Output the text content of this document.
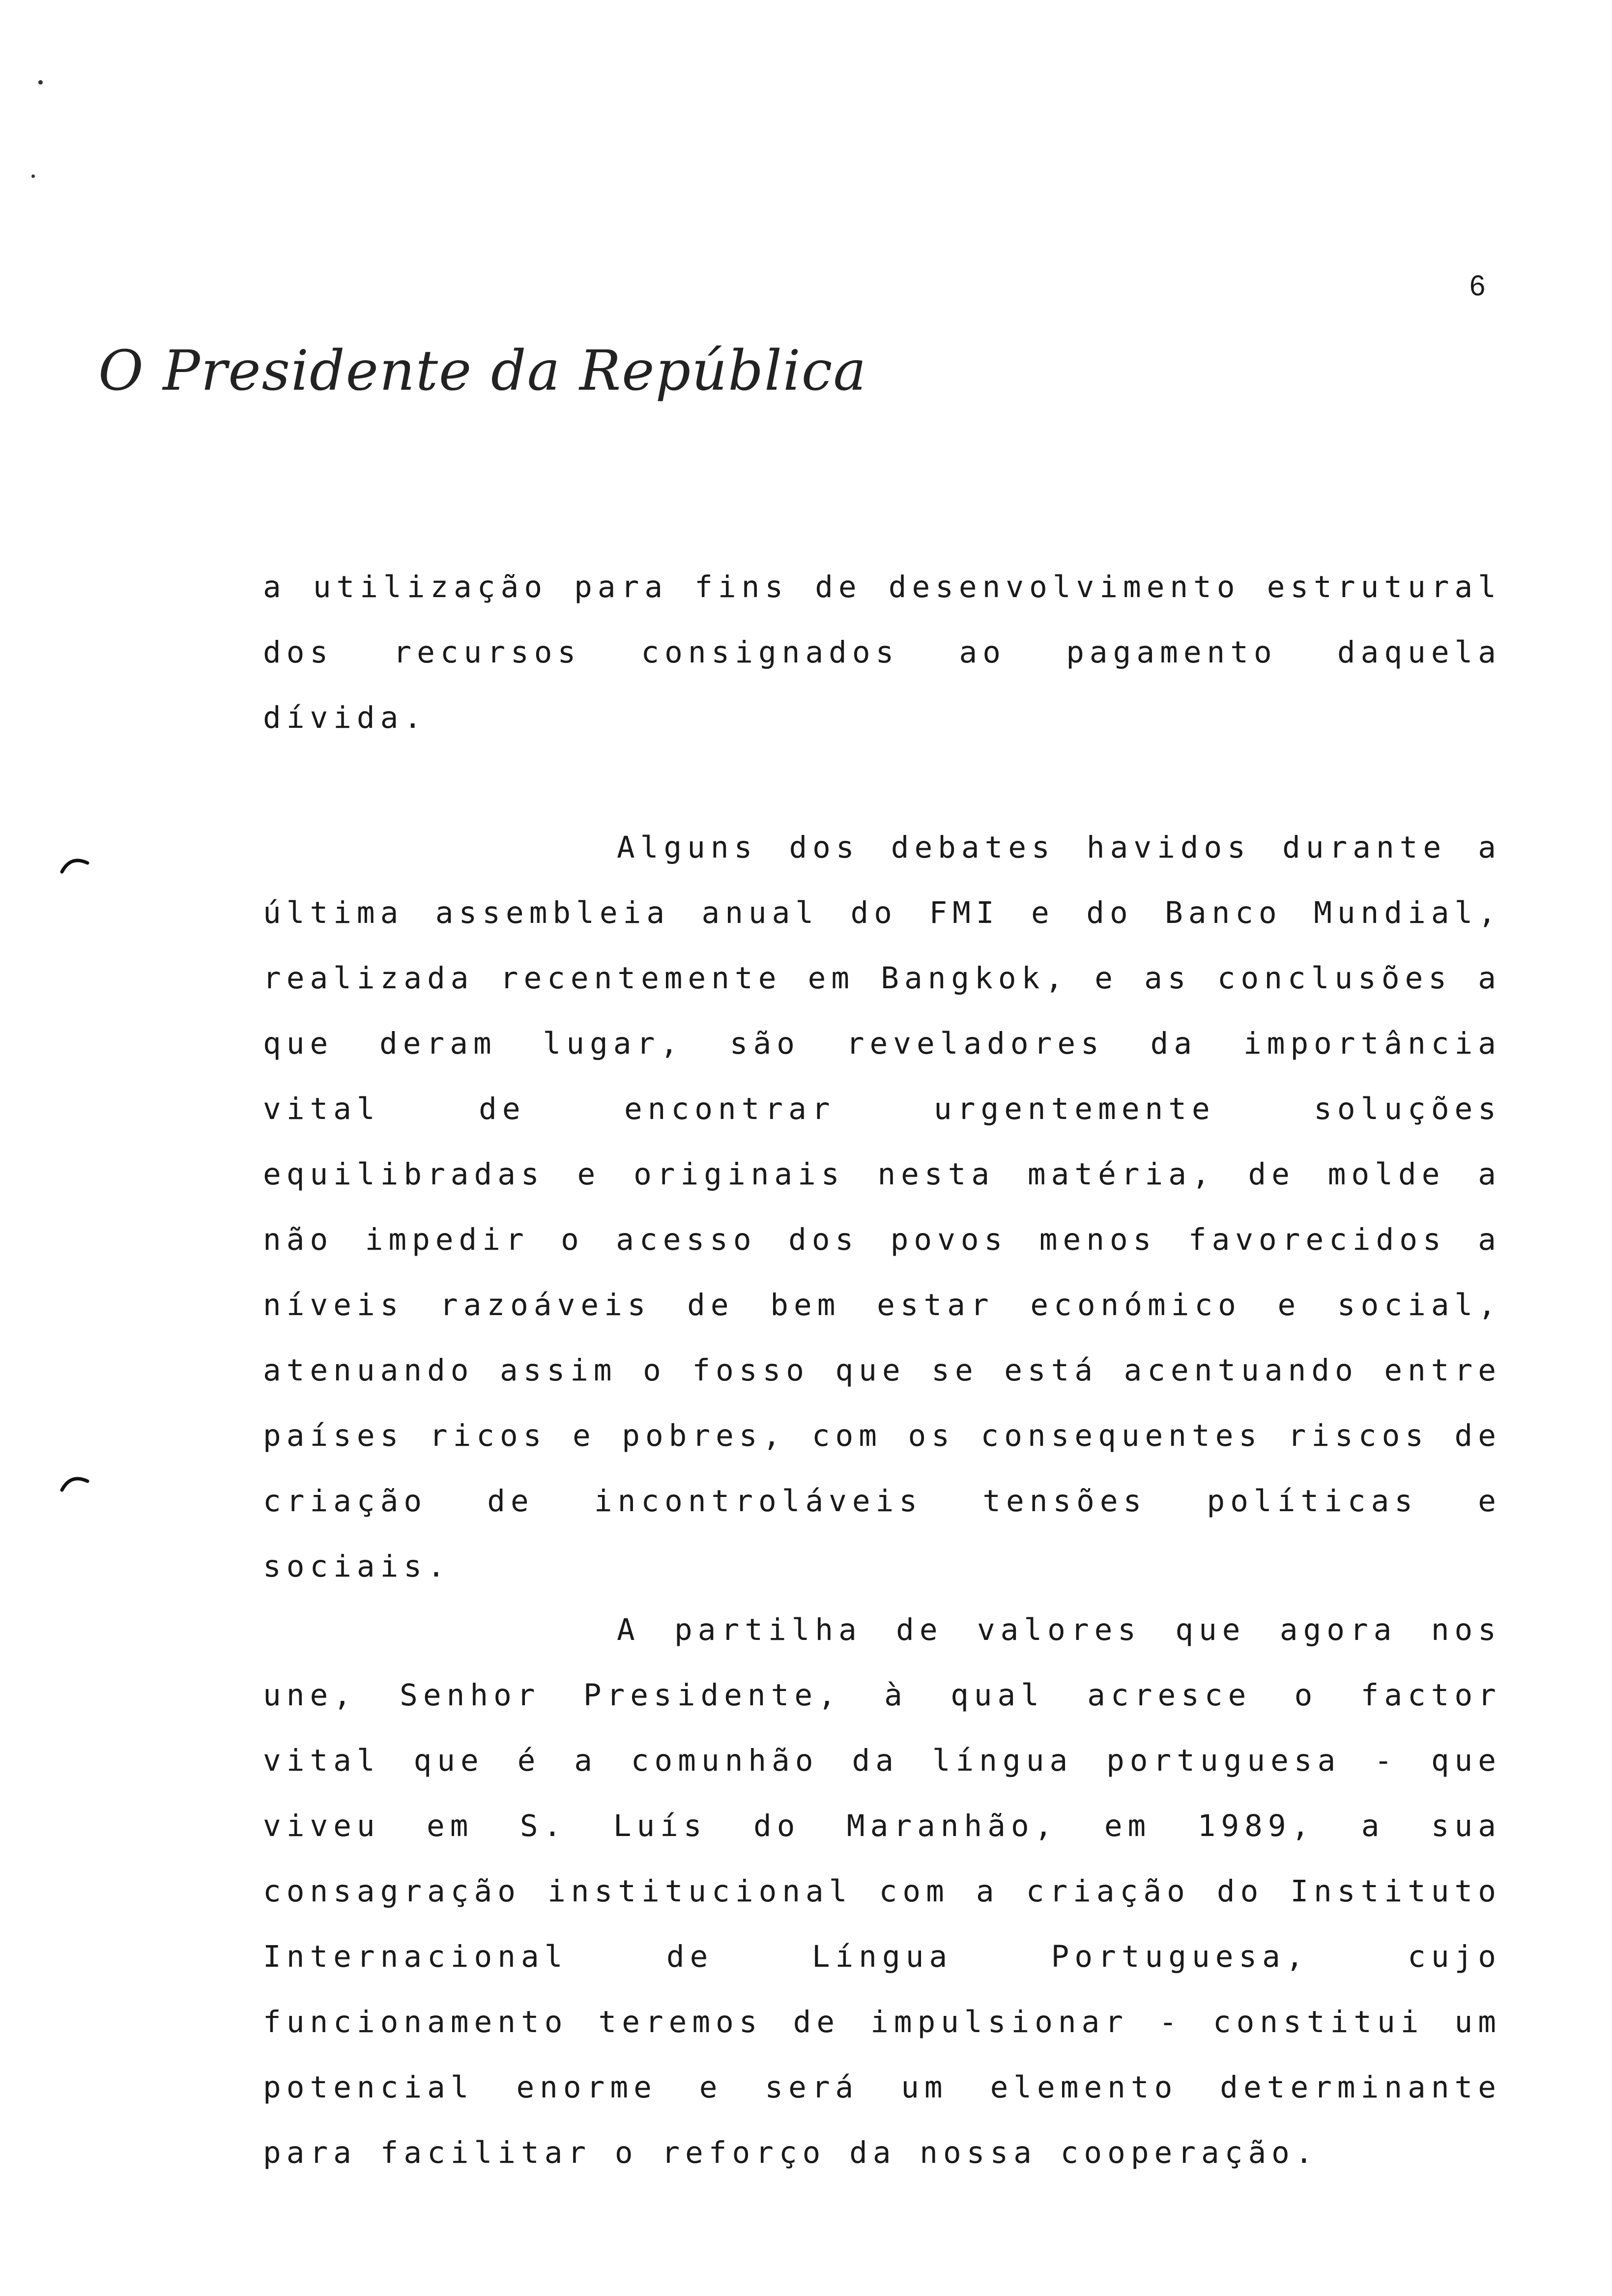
6
O Presidente da República

a utilização para fins de desenvolvimento estrutural dos recursos consignados ao pagamento daquela dívida.

Alguns dos debates havidos durante a última assembleia anual do FMI e do Banco Mundial, realizada recentemente em Bangkok, e as conclusões a que deram lugar, são reveladores da importância vital de encontrar urgentemente soluções equilibradas e originais nesta matéria, de molde a não impedir o acesso dos povos menos favorecidos a níveis razoáveis de bem estar económico e social, atenuando assim o fosso que se está acentuando entre países ricos e pobres, com os consequentes riscos de criação de incontroláveis tensões políticas e sociais.

A partilha de valores que agora nos une, Senhor Presidente, à qual acresce o factor vital que é a comunhão da língua portuguesa - que viveu em S. Luís do Maranhão, em 1989, a sua consagração institucional com a criação do Instituto Internacional de Língua Portuguesa, cujo funcionamento teremos de impulsionar - constitui um potencial enorme e será um elemento determinante para facilitar o reforço da nossa cooperação.
